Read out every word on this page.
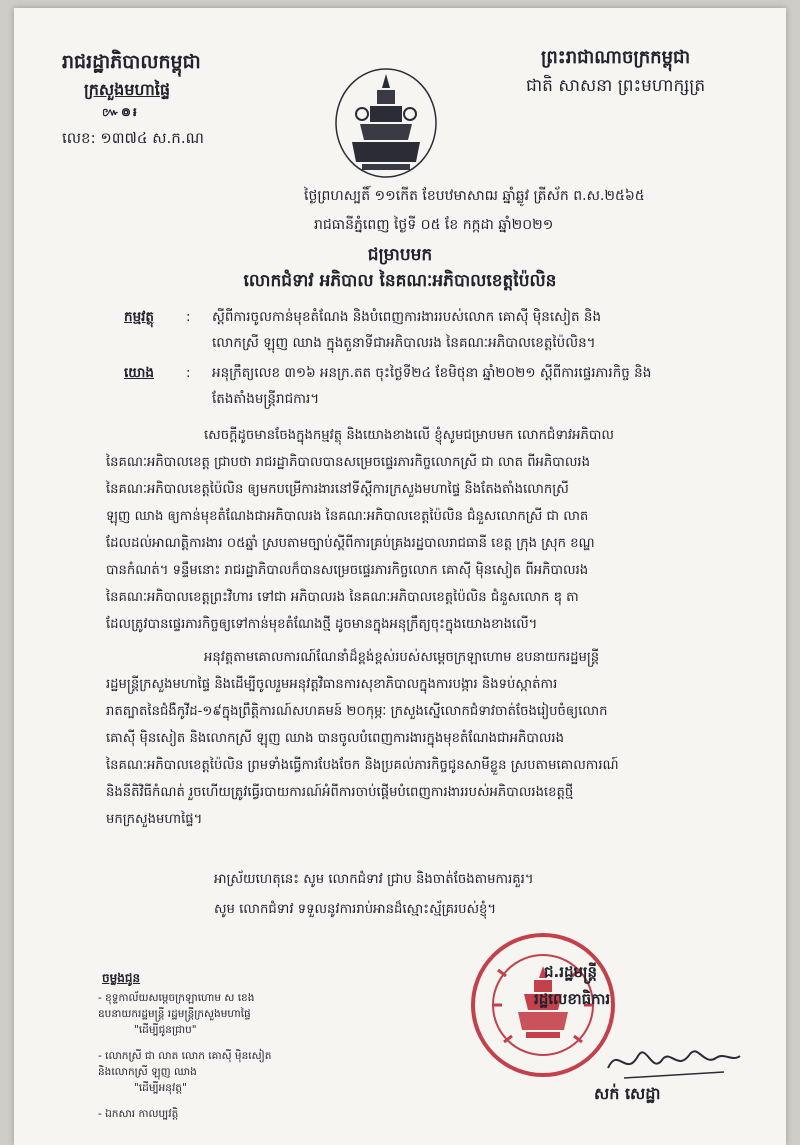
រាជរដ្ឋាភិបាលកម្ពុជា
ក្រសួងមហាផ្ទៃ
៚៙៛
លេខ: ១៣៧៤ ស.ក.ណ
ព្រះរាជាណាចក្រកម្ពុជា
ជាតិ សាសនា ព្រះមហាក្សត្រ
ថ្ងៃព្រហស្បតិ៍ ១១កើត ខែបឋមាសាឍ ឆ្នាំឆ្លូវ ត្រីស័ក ព.ស.២៥៦៥
រាជធានីភ្នំពេញ ថ្ងៃទី ០៥ ខែ កក្កដា ឆ្នាំ២០២១
ជម្រាបមក
លោកជំទាវ អភិបាល នៃគណៈអភិបាលខេត្តប៉ៃលិន
កម្មវត្ថុ : ស្តីពីការចូលកាន់មុខតំណែង និងបំពេញការងាររបស់លោក គោស៊ី ម៉ិនសៀត និង
លោកស្រី ឡុញ ឈាង ក្នុងតួនាទីជាអភិបាលរង នៃគណៈអភិបាលខេត្តប៉ៃលិន។
យោង : អនុក្រឹត្យលេខ ៣១៦ អនក្រ.តត ចុះថ្ងៃទី២៤ ខែមិថុនា ឆ្នាំ២០២១ ស្តីពីការផ្ទេរភារកិច្ច និង
តែងតាំងមន្ត្រីរាជការ។
សេចក្តីដូចមានចែងក្នុងកម្មវត្ថុ និងយោងខាងលើ ខ្ញុំសូមជម្រាបមក លោកជំទាវអភិបាល
នៃគណៈអភិបាលខេត្ត ជ្រាបថា រាជរដ្ឋាភិបាលបានសម្រេចផ្ទេរភារកិច្ចលោកស្រី ជា លាត ពីអភិបាលរង
នៃគណៈអភិបាលខេត្តប៉ៃលិន ឲ្យមកបម្រើការងារនៅទីស្តីការក្រសួងមហាផ្ទៃ និងតែងតាំងលោកស្រី
ឡុញ ឈាង ឲ្យកាន់មុខតំណែងជាអភិបាលរង នៃគណៈអភិបាលខេត្តប៉ៃលិន ជំនួសលោកស្រី ជា លាត
ដែលដល់អាណត្តិការងារ ០៥ឆ្នាំ ស្របតាមច្បាប់ស្តីពីការគ្រប់គ្រងរដ្ឋបាលរាជធានី ខេត្ត ក្រុង ស្រុក ខណ្ឌ
បានកំណត់។ ទន្ទឹមនោះ រាជរដ្ឋាភិបាលក៏បានសម្រេចផ្ទេរភារកិច្ចលោក គោស៊ី ម៉ិនសៀត ពីអភិបាលរង
នៃគណៈអភិបាលខេត្តព្រះវិហារ ទៅជា អភិបាលរង នៃគណៈអភិបាលខេត្តប៉ៃលិន ជំនួសលោក ឌុ តា
ដែលត្រូវបានផ្ទេរភារកិច្ចឲ្យទៅកាន់មុខតំណែងថ្មី ដូចមានក្នុងអនុក្រឹត្យចុះក្នុងយោងខាងលើ។
អនុវត្តតាមគោលការណ៍ណែនាំដ៏ខ្ពង់ខ្ពស់របស់សម្តេចក្រឡាហោម ឧបនាយករដ្ឋមន្ត្រី
រដ្ឋមន្ត្រីក្រសួងមហាផ្ទៃ និងដើម្បីចូលរួមអនុវត្តវិធានការសុខាភិបាលក្នុងការបង្ការ និងទប់ស្កាត់ការ
រាតត្បាតនៃជំងឺកូវីដ-១៩ក្នុងព្រឹត្តិការណ៍សហគមន៍ ២០កុម្ភៈ ក្រសួងស្នើលោកជំទាវចាត់ចែងរៀបចំឲ្យលោក
គោស៊ី ម៉ិនសៀត និងលោកស្រី ឡុញ ឈាង បានចូលបំពេញការងារក្នុងមុខតំណែងជាអភិបាលរង
នៃគណៈអភិបាលខេត្តប៉ៃលិន ព្រមទាំងធ្វើការបែងចែក និងប្រគល់ភារកិច្ចជូនសាមីខ្លួន ស្របតាមគោលការណ៍
និងនីតិវិធីកំណត់ រួចហើយត្រូវធ្វើរបាយការណ៍អំពីការចាប់ផ្តើមបំពេញការងាររបស់អភិបាលរងខេត្តថ្មី
មកក្រសួងមហាផ្ទៃ។
អាស្រ័យហេតុនេះ សូម លោកជំទាវ ជ្រាប និងចាត់ចែងតាមការគួរ។
សូម លោកជំទាវ ទទួលនូវការរាប់អានដ៏ស្មោះស្ម័គ្ររបស់ខ្ញុំ។
ជ.រដ្ឋមន្ត្រី
រដ្ឋលេខាធិការ
សក់ សេដ្ឋា
ចម្លងជូន
- ខុទ្ទកាល័យសម្តេចក្រឡាហោម ស ខេង
ឧបនាយករដ្ឋមន្ត្រី រដ្ឋមន្ត្រីក្រសួងមហាផ្ទៃ
"ដើម្បីជូនជ្រាប"
- លោកស្រី ជា លាត លោក គោស៊ី ម៉ិនសៀត
និងលោកស្រី ឡុញ ឈាង
"ដើម្បីអនុវត្ត"
- ឯកសារ កាលប្បវត្តិ
